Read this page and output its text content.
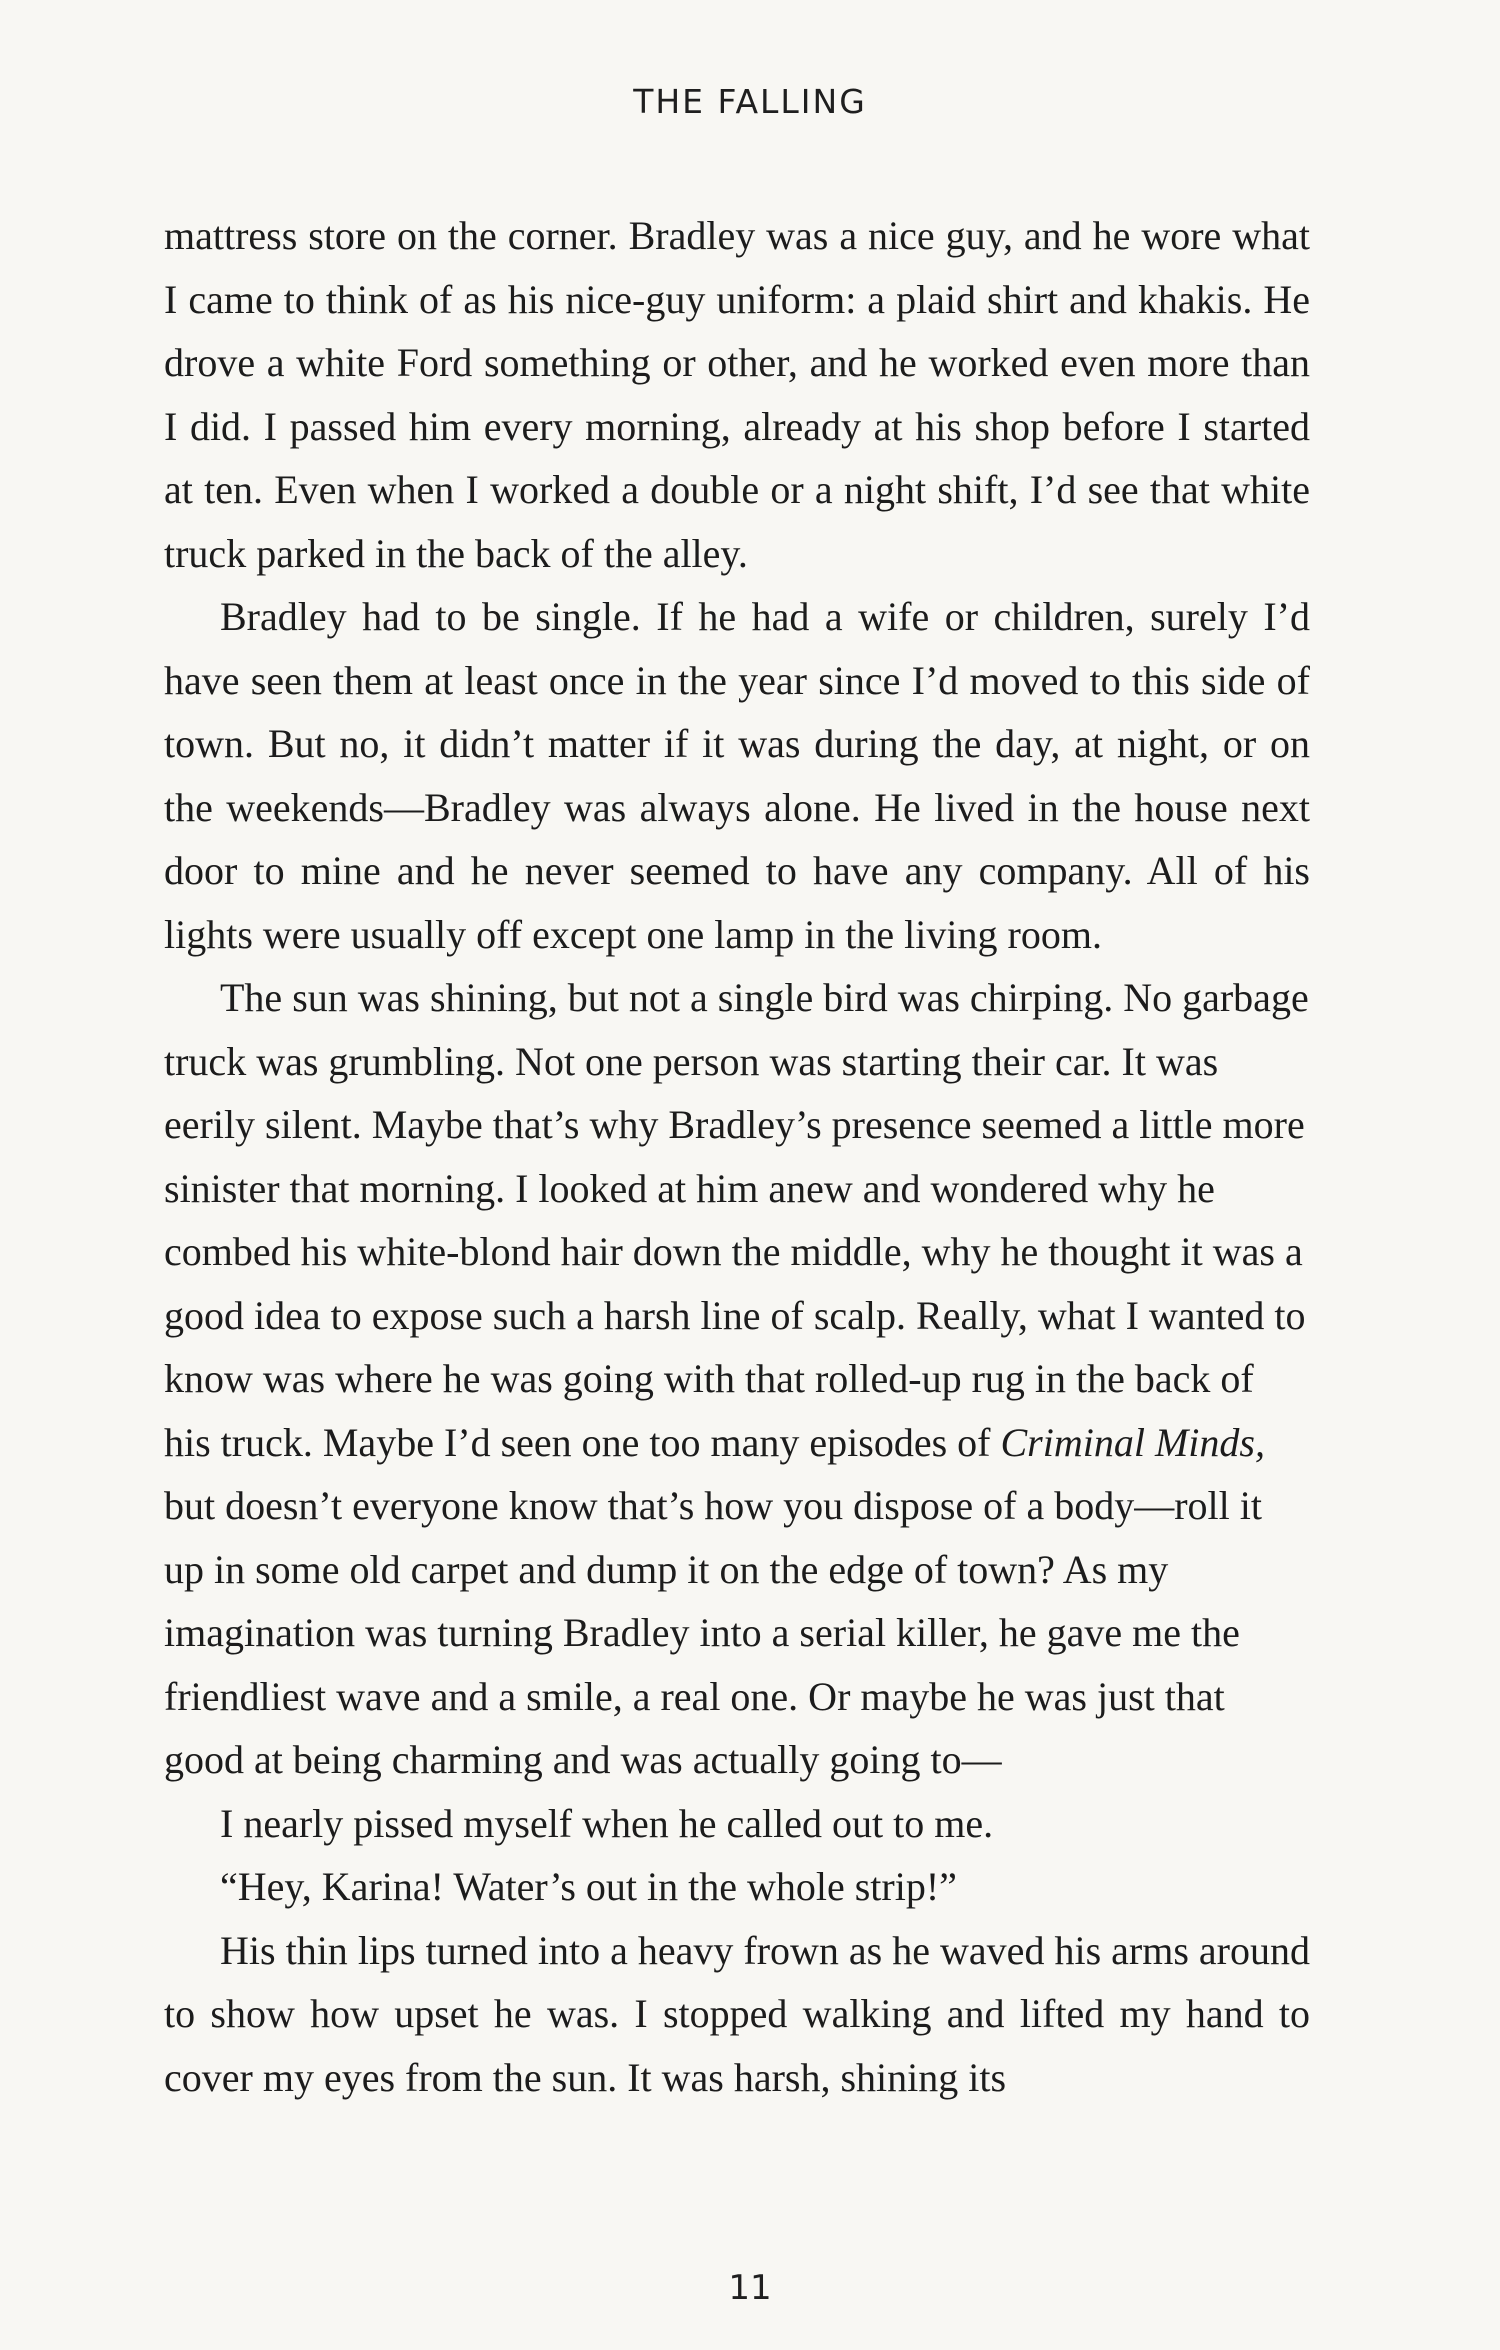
THE FALLING

mattress store on the corner. Bradley was a nice guy, and he wore what I came to think of as his nice-guy uniform: a plaid shirt and khakis. He drove a white Ford something or other, and he worked even more than I did. I passed him every morning, already at his shop before I started at ten. Even when I worked a double or a night shift, I’d see that white truck parked in the back of the alley.

Bradley had to be single. If he had a wife or children, surely I’d have seen them at least once in the year since I’d moved to this side of town. But no, it didn’t matter if it was during the day, at night, or on the weekends—Bradley was always alone. He lived in the house next door to mine and he never seemed to have any company. All of his lights were usually off except one lamp in the living room.

The sun was shining, but not a single bird was chirping. No garbage truck was grumbling. Not one person was starting their car. It was eerily silent. Maybe that’s why Bradley’s presence seemed a little more sinister that morning. I looked at him anew and wondered why he combed his white-blond hair down the middle, why he thought it was a good idea to expose such a harsh line of scalp. Really, what I wanted to know was where he was going with that rolled-up rug in the back of his truck. Maybe I’d seen one too many episodes of Criminal Minds, but doesn’t everyone know that’s how you dispose of a body—roll it up in some old carpet and dump it on the edge of town? As my imagination was turning Bradley into a serial killer, he gave me the friendliest wave and a smile, a real one. Or maybe he was just that good at being charming and was actually going to—

I nearly pissed myself when he called out to me.

“Hey, Karina! Water’s out in the whole strip!”

His thin lips turned into a heavy frown as he waved his arms around to show how upset he was. I stopped walking and lifted my hand to cover my eyes from the sun. It was harsh, shining its

11
